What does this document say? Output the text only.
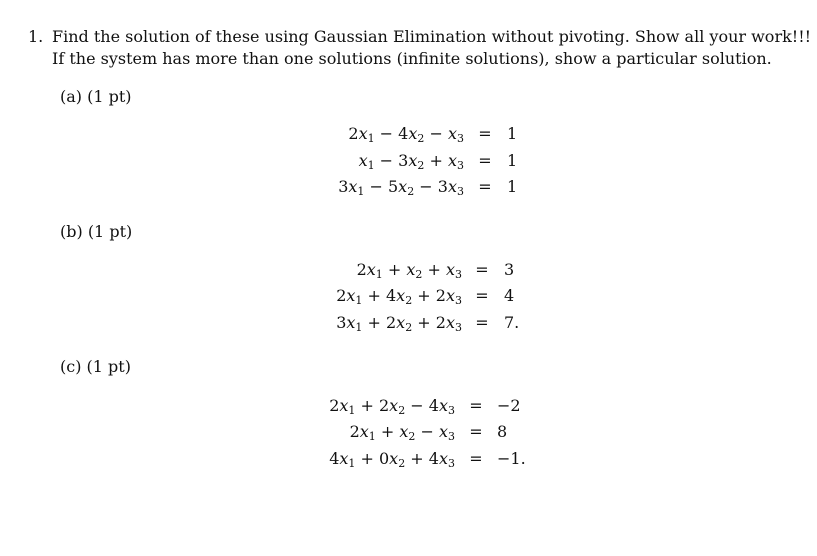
1. Find the solution of these using Gaussian Elimination without pivoting. Show all your work!!!
If the system has more than one solutions (infinite solutions), show a particular solution.
(a) (1 pt)
$2x_1 - 4x_2 - x_3 = 1$
$x_1 - 3x_2 + x_3 = 1$
$3x_1 - 5x_2 - 3x_3 = 1$
(b) (1 pt)
$2x_1 + x_2 + x_3 = 3$
$2x_1 + 4x_2 + 2x_3 = 4$
$3x_1 + 2x_2 + 2x_3 = 7$.
(c) (1 pt)
$2x_1 + 2x_2 - 4x_3 = -2$
$2x_1 + x_2 - x_3 = 8$
$4x_1 + 0x_2 + 4x_3 = -1$.
